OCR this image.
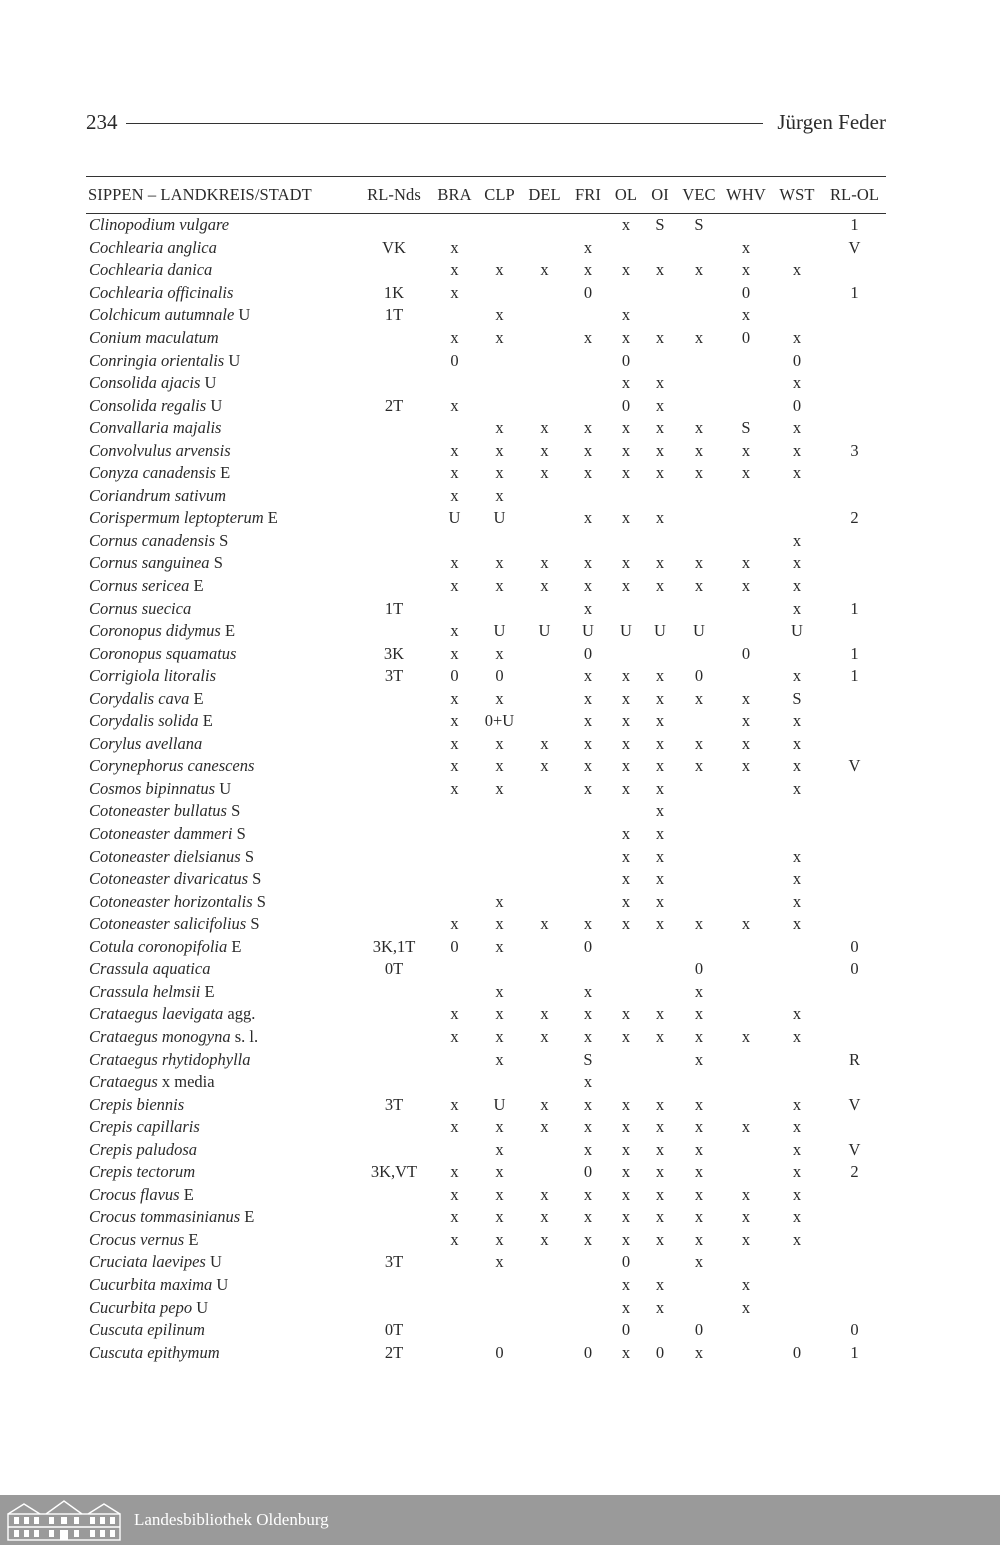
234	Jürgen Feder
SIPPEN – LANDKREIS/STADT	RL-Nds	BRA	CLP	DEL	FRI	OL	OI	VEC	WHV	WST	RL-OL
Clinopodium vulgare						x	S	S			1
Cochlearia anglica	VK	x			x				x		V
Cochlearia danica		x	x	x	x	x	x	x	x	x	
Cochlearia officinalis	1K	x			0				0		1
Colchicum autumnale U	1T		x			x			x		
Conium maculatum		x	x		x	x	x	x	0	x	
Conringia orientalis U		0				0				0	
Consolida ajacis U						x	x			x	
Consolida regalis U	2T	x				0	x			0	
Convallaria majalis			x	x	x	x	x	x	S	x	
Convolvulus arvensis		x	x	x	x	x	x	x	x	x	3
Conyza canadensis E		x	x	x	x	x	x	x	x	x	
Coriandrum sativum		x	x								
Corispermum leptopterum E		U	U		x	x	x				2
Cornus canadensis S										x	
Cornus sanguinea S		x	x	x	x	x	x	x	x	x	
Cornus sericea E		x	x	x	x	x	x	x	x	x	
Cornus suecica	1T				x					x	1
Coronopus didymus E		x	U	U	U	U	U	U		U	
Coronopus squamatus	3K	x	x		0				0		1
Corrigiola litoralis	3T	0	0		x	x	x	0		x	1
Corydalis cava E		x	x		x	x	x	x	x	S	
Corydalis solida E		x	0+U		x	x	x		x	x	
Corylus avellana		x	x	x	x	x	x	x	x	x	
Corynephorus canescens		x	x	x	x	x	x	x	x	x	V
Cosmos bipinnatus U		x	x		x	x	x			x	
Cotoneaster bullatus S							x				
Cotoneaster dammeri S						x	x				
Cotoneaster dielsianus S						x	x			x	
Cotoneaster divaricatus S						x	x			x	
Cotoneaster horizontalis S			x			x	x			x	
Cotoneaster salicifolius S		x	x	x	x	x	x	x	x	x	
Cotula coronopifolia E	3K,1T	0	x		0						0
Crassula aquatica	0T							0			0
Crassula helmsii E			x		x			x			
Crataegus laevigata agg.		x	x	x	x	x	x	x		x	
Crataegus monogyna s. l.		x	x	x	x	x	x	x	x	x	
Crataegus rhytidophylla			x		S			x			R
Crataegus x media					x						
Crepis biennis	3T	x	U	x	x	x	x	x		x	V
Crepis capillaris		x	x	x	x	x	x	x	x	x	
Crepis paludosa			x		x	x	x	x		x	V
Crepis tectorum	3K,VT	x	x		0	x	x	x		x	2
Crocus flavus E		x	x	x	x	x	x	x	x	x	
Crocus tommasinianus E		x	x	x	x	x	x	x	x	x	
Crocus vernus E		x	x	x	x	x	x	x	x	x	
Cruciata laevipes U	3T		x			0		x			
Cucurbita maxima U						x	x		x		
Cucurbita pepo U						x	x		x		
Cuscuta epilinum	0T					0		0			0
Cuscuta epithymum	2T		0		0	x	0	x		0	1
Landesbibliothek Oldenburg
